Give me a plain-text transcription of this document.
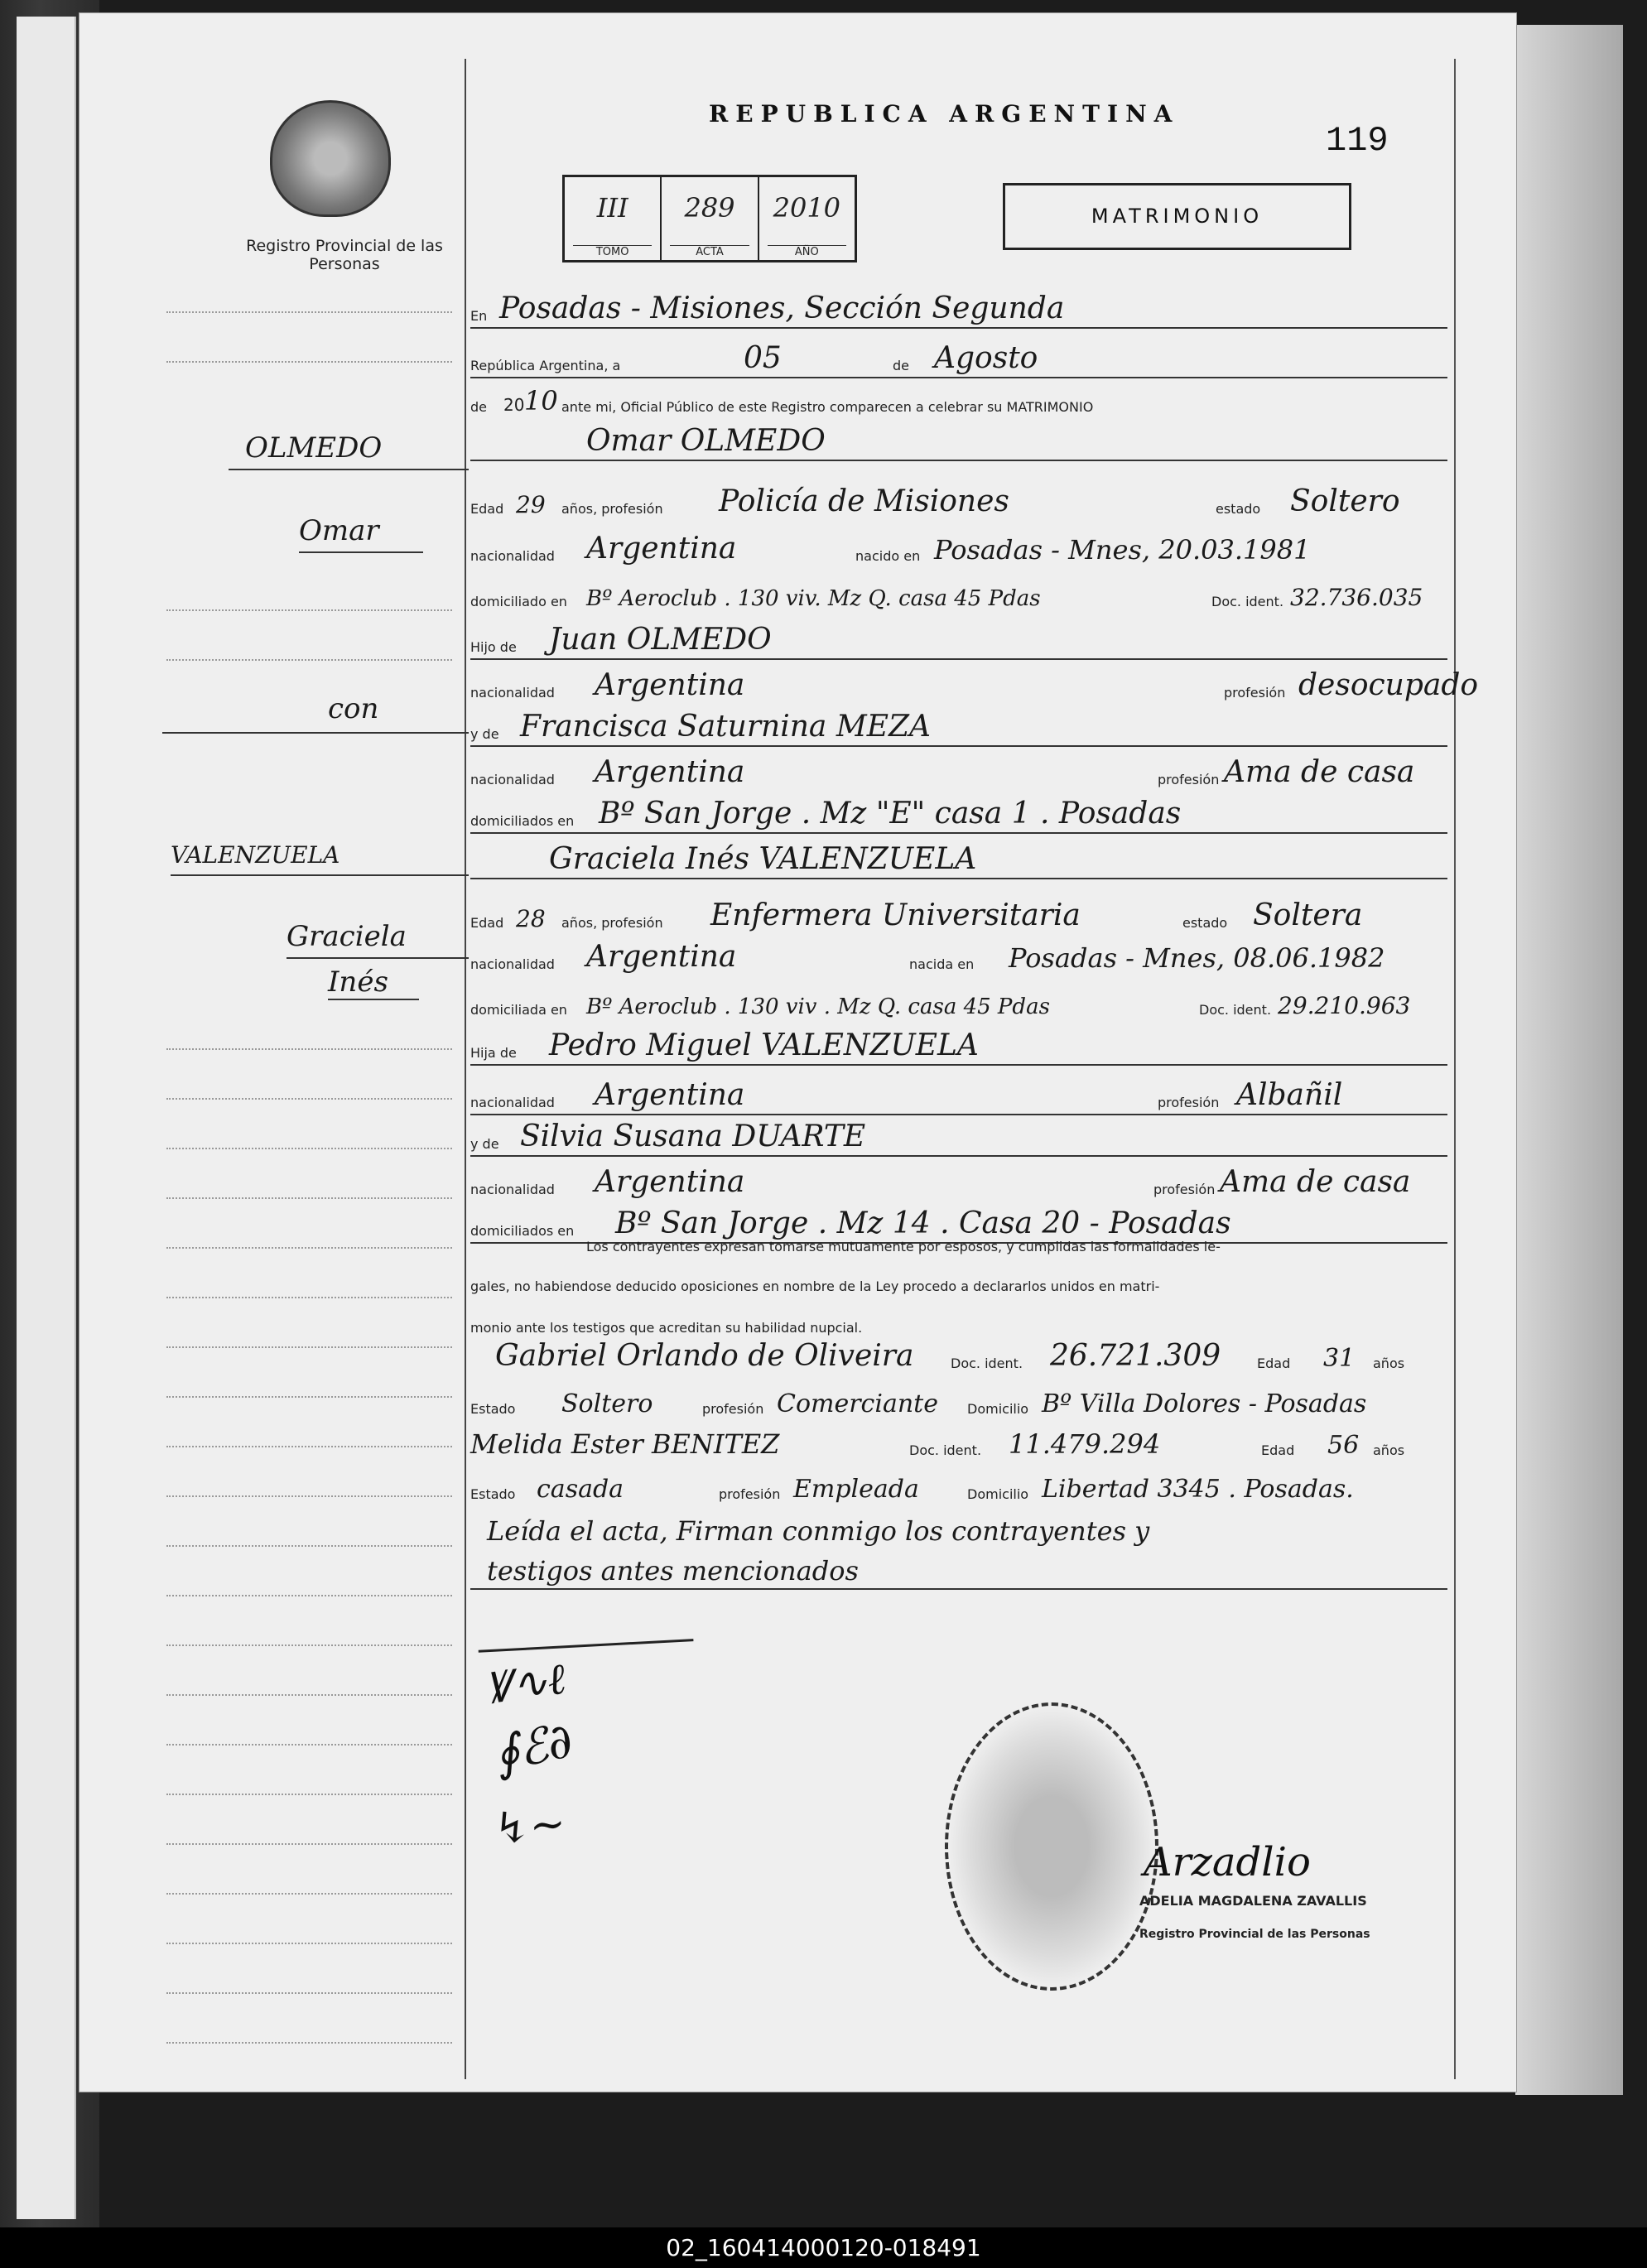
Registro Provincial de las Personas
REPUBLICA ARGENTINA
119
III
TOMO
289
ACTA
2010
AÑO
MATRIMONIO
OLMEDO
Omar
con
VALENZUELA
Graciela
Inés
En Posadas - Misiones, Sección Segunda
República Argentina, a	05	de Agosto
de 20 10 ante mi, Oficial Público de este Registro comparecen a celebrar su MATRIMONIO
Omar OLMEDO
Edad 29 años, profesión Policía de Misiones	estado Soltero
nacionalidad Argentina	nacido en Posadas - Mnes, 20.03.1981
domiciliado en Bº Aeroclub . 130 viv. Mz Q. casa 45 Pdas	Doc. ident. 32.736.035
Hijo de Juan OLMEDO
nacionalidad Argentina	profesión desocupado
y de Francisca Saturnina MEZA
nacionalidad Argentina	profesión Ama de casa
domiciliados en Bº San Jorge . Mz "E" casa 1 . Posadas
Graciela Inés VALENZUELA
Edad 28 años, profesión Enfermera Universitaria	estado Soltera
nacionalidad Argentina	nacida en Posadas - Mnes, 08.06.1982
domiciliada en Bº Aeroclub . 130 viv . Mz Q. casa 45 Pdas	Doc. ident. 29.210.963
Hija de Pedro Miguel VALENZUELA
nacionalidad Argentina	profesión Albañil
y de Silvia Susana DUARTE
nacionalidad Argentina	profesión Ama de casa
domiciliados en Bº San Jorge . Mz 14 . Casa 20 - Posadas
Los contrayentes expresan tomarse mutuamente por esposos, y cumplidas las formalidades le-
gales, no habiendose deducido oposiciones en nombre de la Ley procedo a declararlos unidos en matri-
monio ante los testigos que acreditan su habilidad nupcial.
Gabriel Orlando de Oliveira	Doc. ident. 26.721.309	Edad 31 años
Estado Soltero	profesión Comerciante Domicilio Bº Villa Dolores - Posadas
Melida Ester BENITEZ	Doc. ident. 11.479.294	Edad 56 años
Estado casada	profesión Empleada	Domicilio Libertad 3345 . Posadas.
Leída el acta, Firman conmigo los contrayentes y
testigos antes mencionados
Ꝟ∿ℓ
∮ℰ∂
↯∼
Arzadlio
ADELIA MAGDALENA ZAVALLIS
Registro Provincial de las Personas
02_160414000120-018491
